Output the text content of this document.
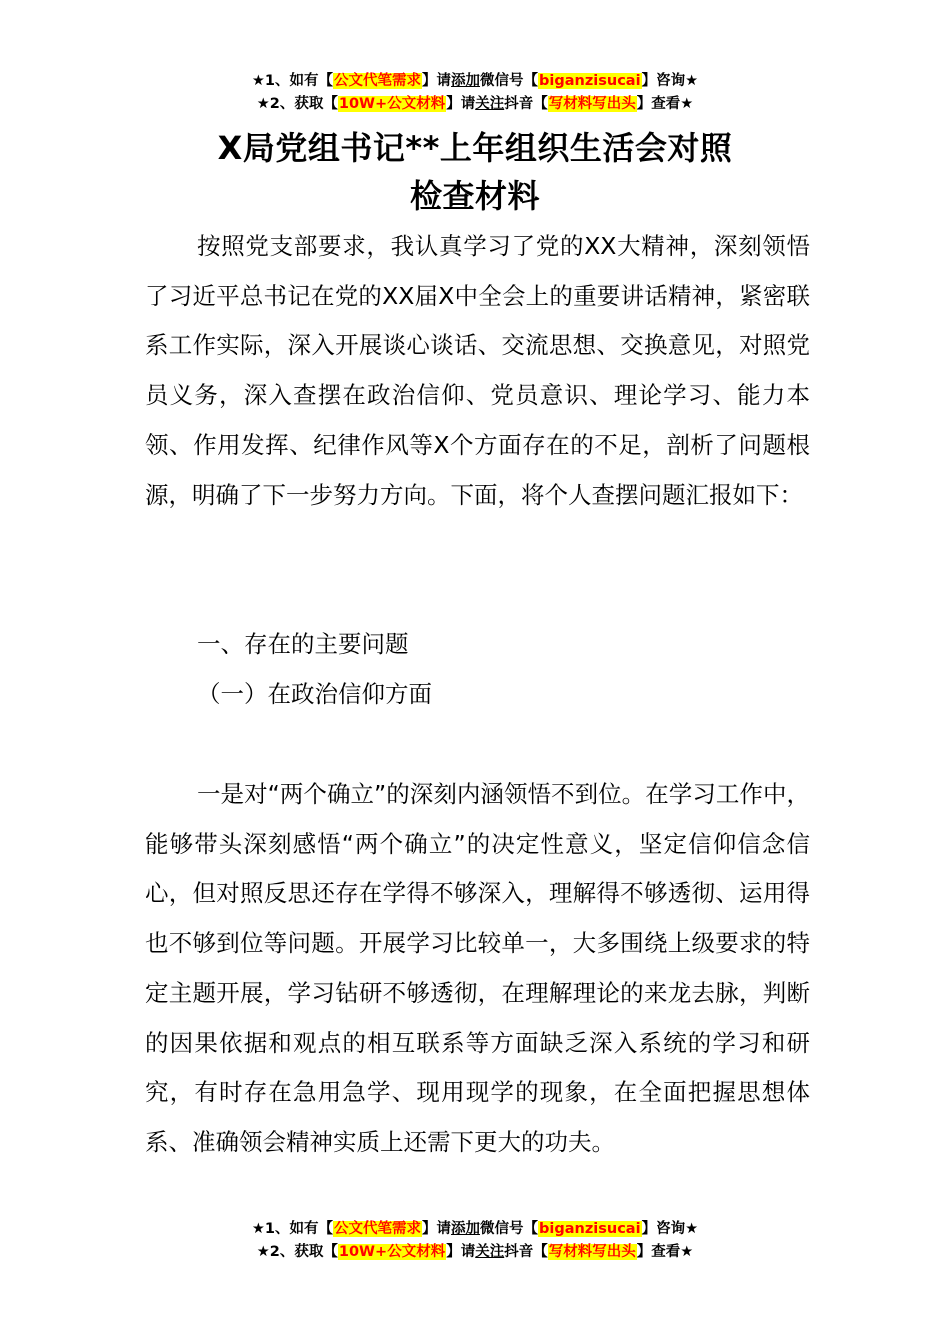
★1、如有【公文代笔需求】请添加微信号【biganzisucai】咨询★
★2、获取【10W+公文材料】请关注抖音【写材料写出头】查看★
X局党组书记**上年组织生活会对照
检查材料

按照党支部要求，我认真学习了党的XX大精神，深刻领悟了习近平总书记在党的XX届X中全会上的重要讲话精神，紧密联系工作实际，深入开展谈心谈话、交流思想、交换意见，对照党员义务，深入查摆在政治信仰、党员意识、理论学习、能力本领、作用发挥、纪律作风等X个方面存在的不足，剖析了问题根源，明确了下一步努力方向。下面，将个人查摆问题汇报如下：

一、存在的主要问题

（一）在政治信仰方面

一是对“两个确立”的深刻内涵领悟不到位。在学习工作中，能够带头深刻感悟“两个确立”的决定性意义，坚定信仰信念信心，但对照反思还存在学得不够深入，理解得不够透彻、运用得也不够到位等问题。开展学习比较单一，大多围绕上级要求的特定主题开展，学习钻研不够透彻，在理解理论的来龙去脉，判断的因果依据和观点的相互联系等方面缺乏深入系统的学习和研究，有时存在急用急学、现用现学的现象，在全面把握思想体系、准确领会精神实质上还需下更大的功夫。

★1、如有【公文代笔需求】请添加微信号【biganzisucai】咨询★
★2、获取【10W+公文材料】请关注抖音【写材料写出头】查看★
